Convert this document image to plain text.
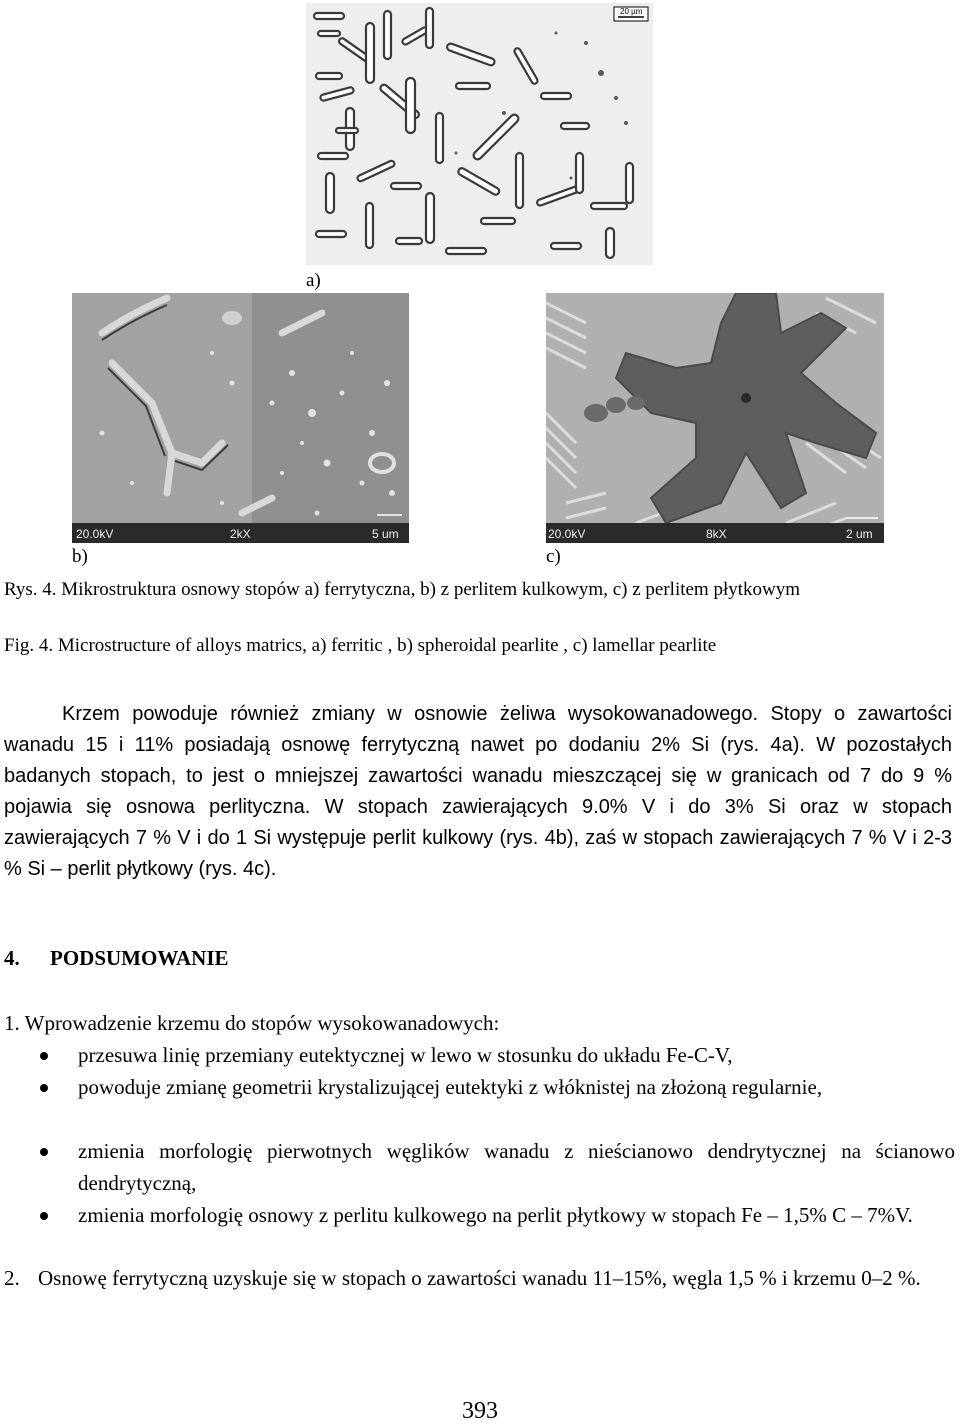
20 µm
a)
20.0kV	2kX	5 um	20.0kV	8kX	2 um
b)	c)
Rys. 4. Mikrostruktura osnowy stopów a) ferrytyczna, b) z perlitem kulkowym, c) z perlitem płytkowym
Fig. 4. Microstructure of alloys matrics, a) ferritic , b) spheroidal pearlite , c) lamellar pearlite
Krzem powoduje również zmiany w osnowie żeliwa wysokowanadowego. Stopy o zawartości wanadu 15 i 11% posiadają osnowę ferrytyczną nawet po dodaniu 2% Si (rys. 4a). W pozostałych badanych stopach, to jest o mniejszej zawartości wanadu mieszczącej się w granicach od 7 do 9 % pojawia się osnowa perlityczna. W stopach zawierających 9.0% V i do 3% Si oraz w stopach zawierających 7 % V i do 1 Si występuje perlit kulkowy (rys. 4b), zaś w stopach zawierających 7 % V i 2-3 % Si – perlit płytkowy (rys. 4c).
4. PODSUMOWANIE
1. Wprowadzenie krzemu do stopów wysokowanadowych:
przesuwa linię przemiany eutektycznej w lewo w stosunku do układu Fe-C-V,
powoduje zmianę geometrii krystalizującej eutektyki z włóknistej na złożoną regularnie,
zmienia morfologię pierwotnych węglików wanadu z nieścianowo dendrytycznej na ścianowo dendrytyczną,
zmienia morfologię osnowy z perlitu kulkowego na perlit płytkowy w stopach Fe – 1,5% C – 7%V.
2. Osnowę ferrytyczną uzyskuje się w stopach o zawartości wanadu 11–15%, węgla 1,5 % i krzemu 0–2 %.
393
